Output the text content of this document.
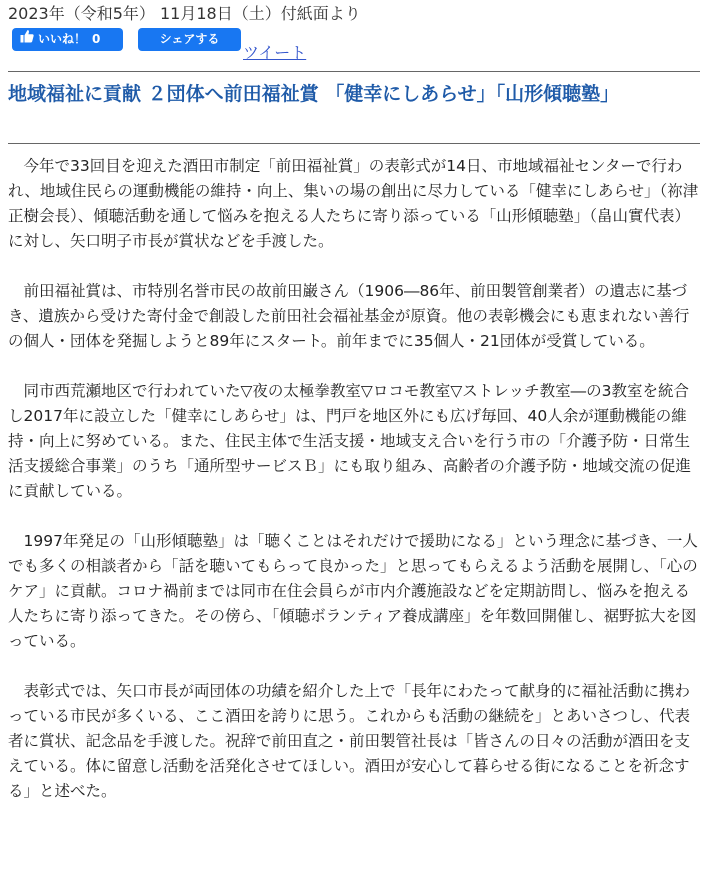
2023年（令和5年） 11月18日（土）付紙面より
いいね！ 0	シェアする
ツイート
地域福祉に貢献 ２団体へ前田福祉賞 「健幸にしあらせ」「山形傾聴塾」

今年で33回目を迎えた酒田市制定「前田福祉賞」の表彰式が14日、市地域福祉センターで行われ、地域住民らの運動機能の維持・向上、集いの場の創出に尽力している「健幸にしあらせ」（祢津正樹会長）、傾聴活動を通して悩みを抱える人たちに寄り添っている「山形傾聴塾」（畠山實代表）に対し、矢口明子市長が賞状などを手渡した。

前田福祉賞は、市特別名誉市民の故前田巌さん（1906―86年、前田製管創業者）の遺志に基づき、遺族から受けた寄付金で創設した前田社会福祉基金が原資。他の表彰機会にも恵まれない善行の個人・団体を発掘しようと89年にスタート。前年までに35個人・21団体が受賞している。

同市西荒瀬地区で行われていた▽夜の太極拳教室▽ロコモ教室▽ストレッチ教室―の3教室を統合し2017年に設立した「健幸にしあらせ」は、門戸を地区外にも広げ毎回、40人余が運動機能の維持・向上に努めている。また、住民主体で生活支援・地域支え合いを行う市の「介護予防・日常生活支援総合事業」のうち「通所型サービスＢ」にも取り組み、高齢者の介護予防・地域交流の促進に貢献している。

1997年発足の「山形傾聴塾」は「聴くことはそれだけで援助になる」という理念に基づき、一人でも多くの相談者から「話を聴いてもらって良かった」と思ってもらえるよう活動を展開し、「心のケア」に貢献。コロナ禍前までは同市在住会員らが市内介護施設などを定期訪問し、悩みを抱える人たちに寄り添ってきた。その傍ら、「傾聴ボランティア養成講座」を年数回開催し、裾野拡大を図っている。

表彰式では、矢口市長が両団体の功績を紹介した上で「長年にわたって献身的に福祉活動に携わっている市民が多くいる、ここ酒田を誇りに思う。これからも活動の継続を」とあいさつし、代表者に賞状、記念品を手渡した。祝辞で前田直之・前田製管社長は「皆さんの日々の活動が酒田を支えている。体に留意し活動を活発化させてほしい。酒田が安心して暮らせる街になることを祈念する」と述べた。
